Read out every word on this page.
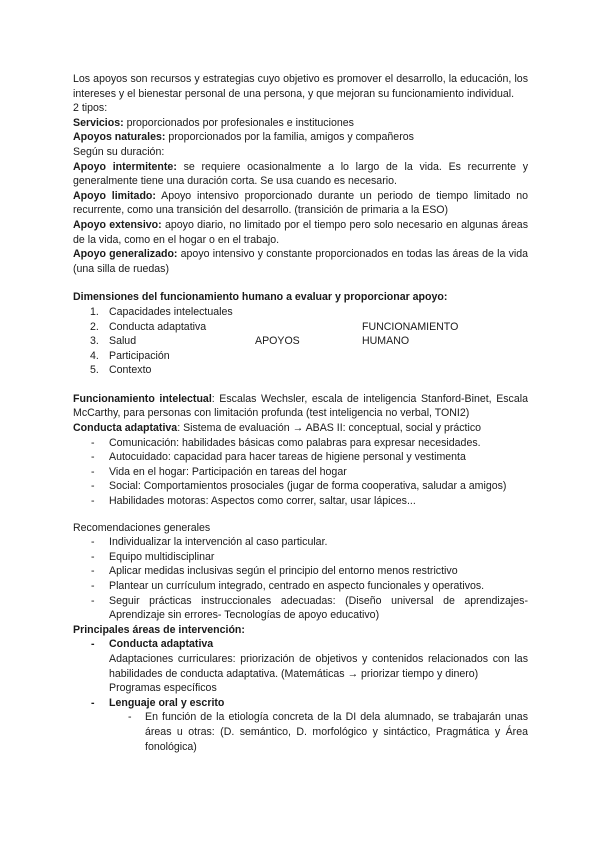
Los apoyos son recursos y estrategias cuyo objetivo es promover el desarrollo, la educación, los intereses y el bienestar personal de una persona, y que mejoran su funcionamiento individual.

2 tipos:

Servicios: proporcionados por profesionales e instituciones

Apoyos naturales: proporcionados por la familia, amigos y compañeros

Según su duración:

Apoyo intermitente: se requiere ocasionalmente a lo largo de la vida. Es recurrente y generalmente tiene una duración corta. Se usa cuando es necesario.

Apoyo limitado: Apoyo intensivo proporcionado durante un periodo de tiempo limitado no recurrente, como una transición del desarrollo. (transición de primaria a la ESO)

Apoyo extensivo: apoyo diario, no limitado por el tiempo pero solo necesario en algunas áreas de la vida, como en el hogar o en el trabajo.

Apoyo generalizado: apoyo intensivo y constante proporcionados en todas las áreas de la vida (una silla de ruedas)

Dimensiones del funcionamiento humano a evaluar y proporcionar apoyo:

1. Capacidades intelectuales
2. Conducta adaptativa	FUNCIONAMIENTO
3. Salud	APOYOS	HUMANO
4. Participación
5. Contexto

Funcionamiento intelectual: Escalas Wechsler, escala de inteligencia Stanford-Binet, Escala McCarthy, para personas con limitación profunda (test inteligencia no verbal, TONI2)

Conducta adaptativa: Sistema de evaluación → ABAS II: conceptual, social y práctico

- Comunicación: habilidades básicas como palabras para expresar necesidades.
- Autocuidado: capacidad para hacer tareas de higiene personal y vestimenta
- Vida en el hogar: Participación en tareas del hogar
- Social: Comportamientos prosociales (jugar de forma cooperativa, saludar a amigos)
- Habilidades motoras: Aspectos como correr, saltar, usar lápices...

Recomendaciones generales

- Individualizar la intervención al caso particular.
- Equipo multidisciplinar
- Aplicar medidas inclusivas según el principio del entorno menos restrictivo
- Plantear un currículum integrado, centrado en aspecto funcionales y operativos.
- Seguir prácticas instruccionales adecuadas: (Diseño universal de aprendizajes-Aprendizaje sin errores- Tecnologías de apoyo educativo)

Principales áreas de intervención:

- Conducta adaptativa

Adaptaciones curriculares: priorización de objetivos y contenidos relacionados con las habilidades de conducta adaptativa. (Matemáticas → priorizar tiempo y dinero)

Programas específicos

- Lenguaje oral y escrito
- En función de la etiología concreta de la DI dela alumnado, se trabajarán unas áreas u otras: (D. semántico, D. morfológico y sintáctico, Pragmática y Área fonológica)
